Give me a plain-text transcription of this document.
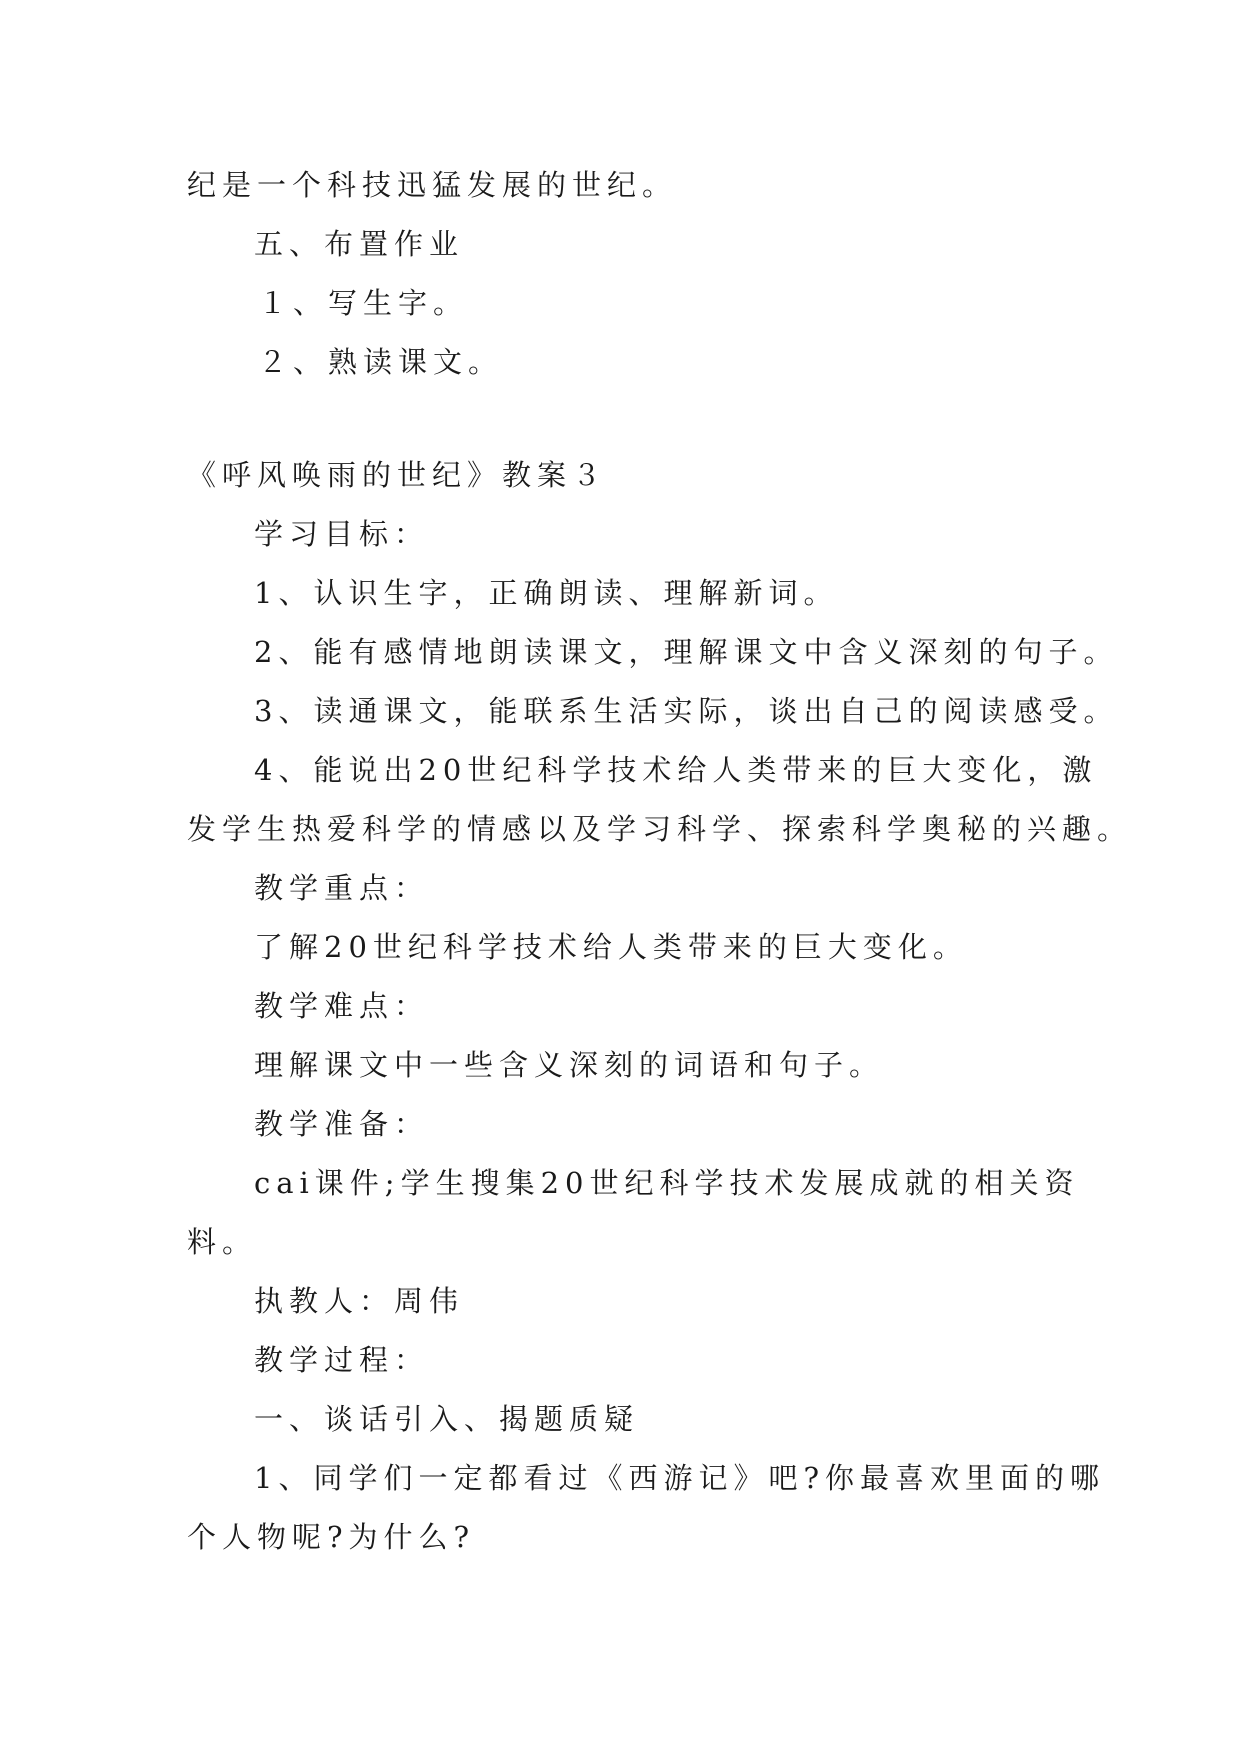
纪是一个科技迅猛发展的世纪。
五、布置作业
１、写生字。
２、熟读课文。
《呼风唤雨的世纪》教案３
学习目标：
1、认识生字，正确朗读、理解新词。
2、能有感情地朗读课文，理解课文中含义深刻的句子。
3、读通课文，能联系生活实际，谈出自己的阅读感受。
4、能说出20世纪科学技术给人类带来的巨大变化，激
发学生热爱科学的情感以及学习科学、探索科学奥秘的兴趣。
教学重点：
了解20世纪科学技术给人类带来的巨大变化。
教学难点：
理解课文中一些含义深刻的词语和句子。
教学准备：
cai课件;学生搜集20世纪科学技术发展成就的相关资
料。
执教人：周伟
教学过程：
一、谈话引入、揭题质疑
1、同学们一定都看过《西游记》吧?你最喜欢里面的哪
个人物呢?为什么?
